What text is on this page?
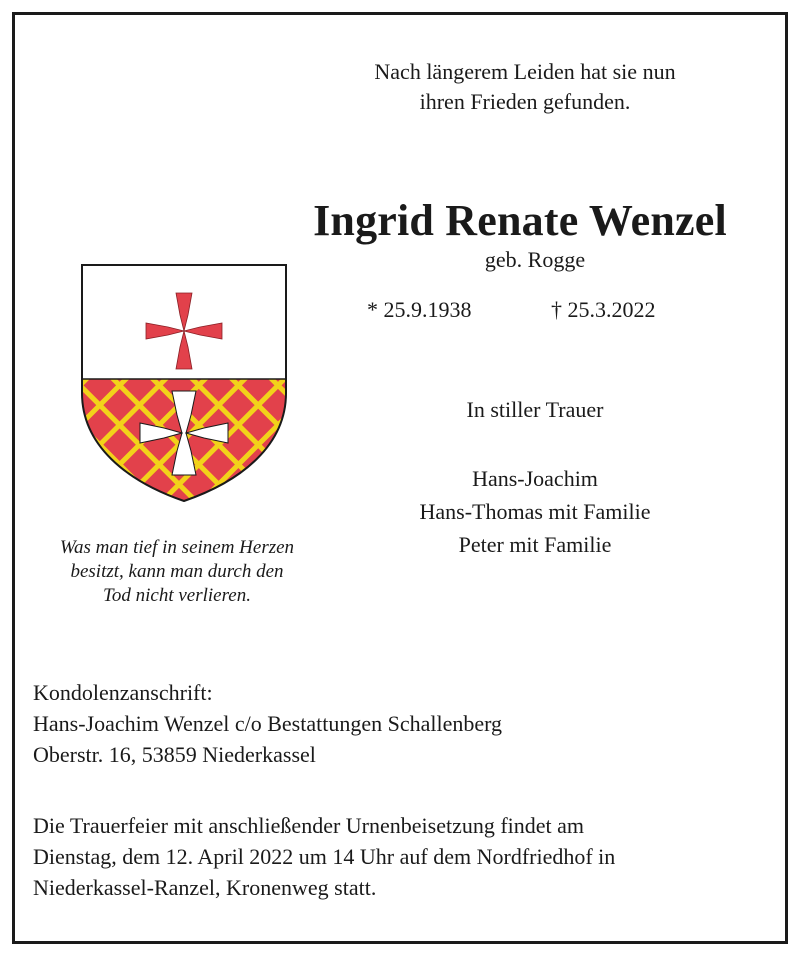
Nach längerem Leiden hat sie nun
ihren Frieden gefunden.
Ingrid Renate Wenzel
geb. Rogge
* 25.9.1938	† 25.3.2022
Was man tief in seinem Herzen
besitzt, kann man durch den
Tod nicht verlieren.
In stiller Trauer
Hans-Joachim
Hans-Thomas mit Familie
Peter mit Familie
Kondolenzanschrift:
Hans-Joachim Wenzel c/o Bestattungen Schallenberg
Oberstr. 16, 53859 Niederkassel
Die Trauerfeier mit anschließender Urnenbeisetzung findet am
Dienstag, dem 12. April 2022 um 14 Uhr auf dem Nordfriedhof in
Niederkassel-Ranzel, Kronenweg statt.
